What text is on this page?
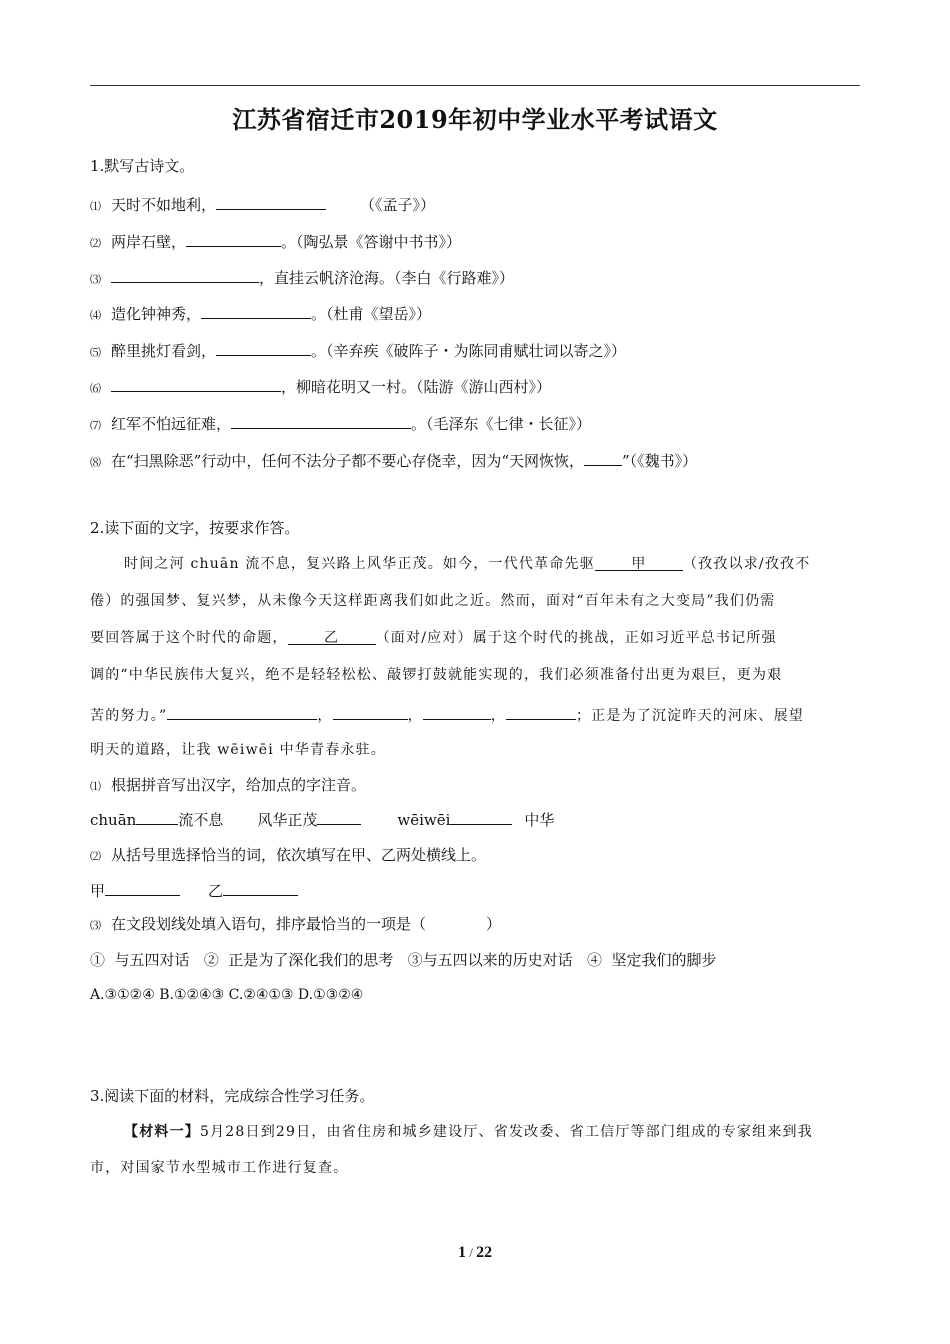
江苏省宿迁市2019年初中学业水平考试语文
1.默写古诗文。
⑴ 天时不如地利，	（《孟子》）
⑵ 两岸石壁，	。（陶弘景《答谢中书书》）
⑶	，直挂云帆济沧海。（李白《行路难》）
⑷ 造化钟神秀，	。（杜甫《望岳》）
⑸ 醉里挑灯看剑，	。（辛弃疾《破阵子・为陈同甫赋壮词以寄之》）
⑹	，柳暗花明又一村。（陆游《游山西村》）
⑺ 红军不怕远征难，	。（毛泽东《七律・长征》）
⑻ 在“扫黑除恶”行动中，任何不法分子都不要心存侥幸，因为“天网恢恢，	”（《魏书》）
2.读下面的文字，按要求作答。
时间之河 chuān 流不息，复兴路上风华正茂。如今，一代代革命先驱	甲	（孜孜以求/孜孜不
倦）的强国梦、复兴梦，从未像今天这样距离我们如此之近。然而，面对“百年未有之大变局”我们仍需
要回答属于这个时代的命题，	乙	（面对/应对）属于这个时代的挑战，正如习近平总书记所强
调的“中华民族伟大复兴，绝不是轻轻松松、敲锣打鼓就能实现的，我们必须准备付出更为艰巨，更为艰
苦的努力。”	，	，	，	；正是为了沉淀昨天的河床、展望
明天的道路，让我 wēiwēi 中华青春永驻。
⑴ 根据拼音写出汉字，给加点的字注音。
chuān	流不息 风华正茂	wēiwēi	中华
⑵ 从括号里选择恰当的词，依次填写在甲、乙两处横线上。
甲	乙
⑶ 在文段划线处填入语句，排序最恰当的一项是（　　　　）
①  与五四对话   ②  正是为了深化我们的思考   ③与五四以来的历史对话   ④  坚定我们的脚步
A.③①②④ B.①②④③ C.②④①③ D.①③②④
3.阅读下面的材料，完成综合性学习任务。
【材料一】5月28日到29日，由省住房和城乡建设厅、省发改委、省工信厅等部门组成的专家组来到我
市，对国家节水型城市工作进行复查。
1 / 22
